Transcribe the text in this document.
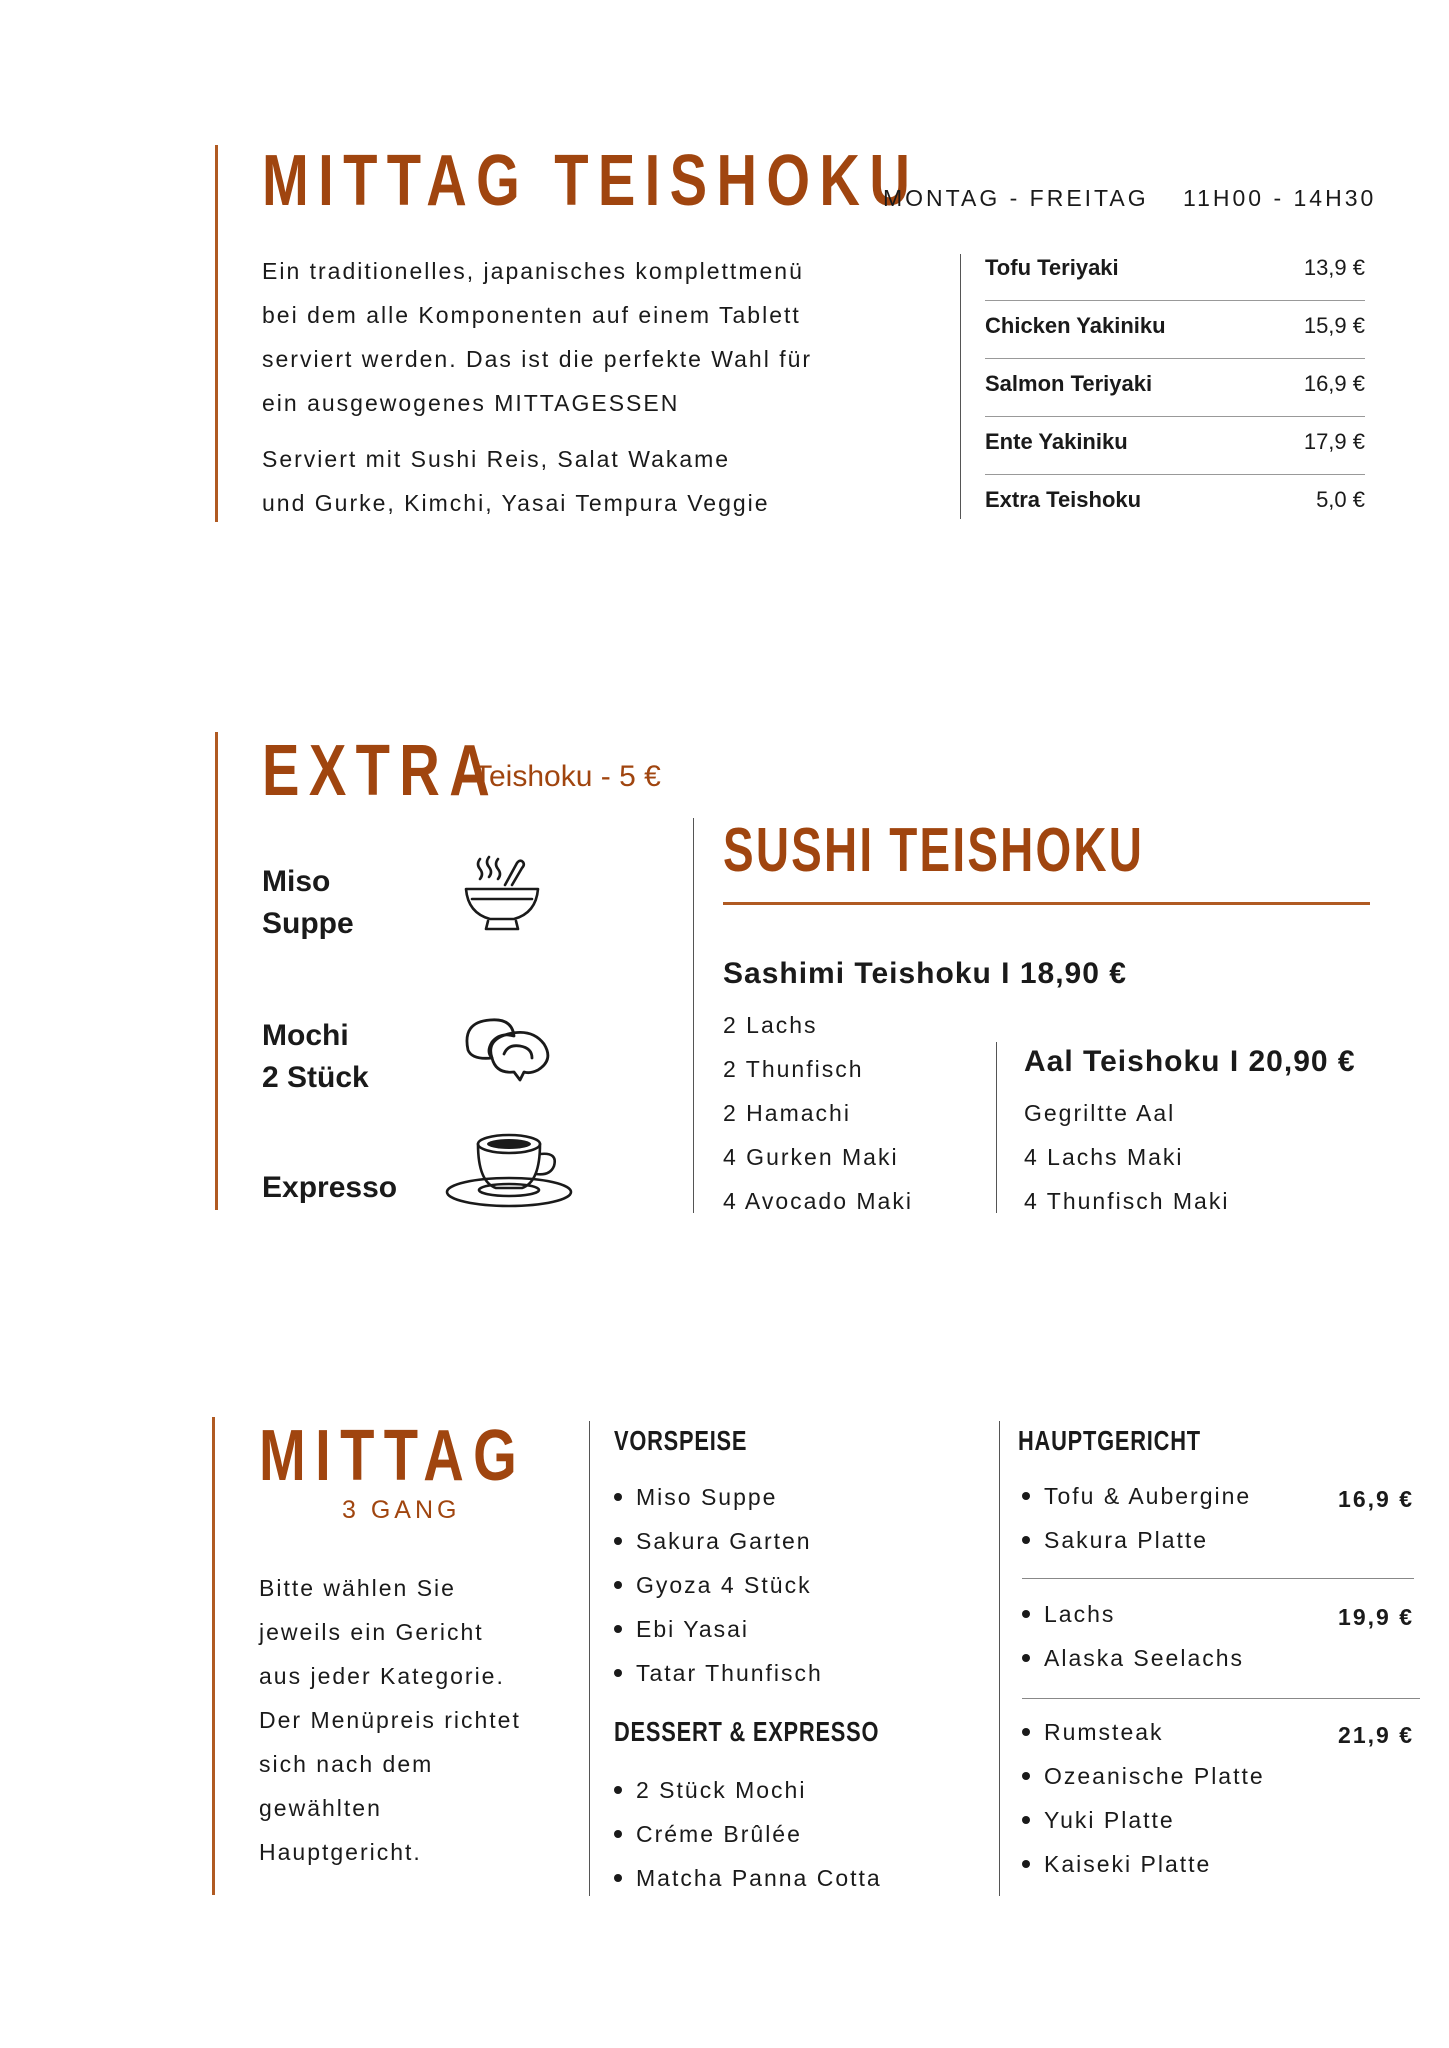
MITTAG TEISHOKU
MONTAG - FREITAG 11H00 - 14H30
Ein traditionelles, japanisches komplettmenü
bei dem alle Komponenten auf einem Tablett
serviert werden. Das ist die perfekte Wahl für
ein ausgewogenes MITTAGESSEN
Serviert mit Sushi Reis, Salat Wakame
und Gurke, Kimchi, Yasai Tempura Veggie
Tofu Teriyaki	13,9 €
Chicken Yakiniku	15,9 €
Salmon Teriyaki	16,9 €
Ente Yakiniku	17,9 €
Extra Teishoku	5,0 €
EXTRA
Teishoku - 5 €
Miso
Suppe
Mochi
2 Stück
Expresso
SUSHI TEISHOKU
Sashimi Teishoku I 18,90 €
2 Lachs
2 Thunfisch
2 Hamachi
4 Gurken Maki
4 Avocado Maki
Aal Teishoku I 20,90 €
Gegriltte Aal
4 Lachs Maki
4 Thunfisch Maki
MITTAG
3 GANG
Bitte wählen Sie
jeweils ein Gericht
aus jeder Kategorie.
Der Menüpreis richtet
sich nach dem
gewählten
Hauptgericht.
VORSPEISE
Miso Suppe
Sakura Garten
Gyoza 4 Stück
Ebi Yasai
Tatar Thunfisch
DESSERT & EXPRESSO
2 Stück Mochi
Créme Brûlée
Matcha Panna Cotta
HAUPTGERICHT
Tofu & Aubergine
Sakura Platte
16,9 €
Lachs
Alaska Seelachs
19,9 €
Rumsteak
Ozeanische Platte
Yuki Platte
Kaiseki Platte
21,9 €
